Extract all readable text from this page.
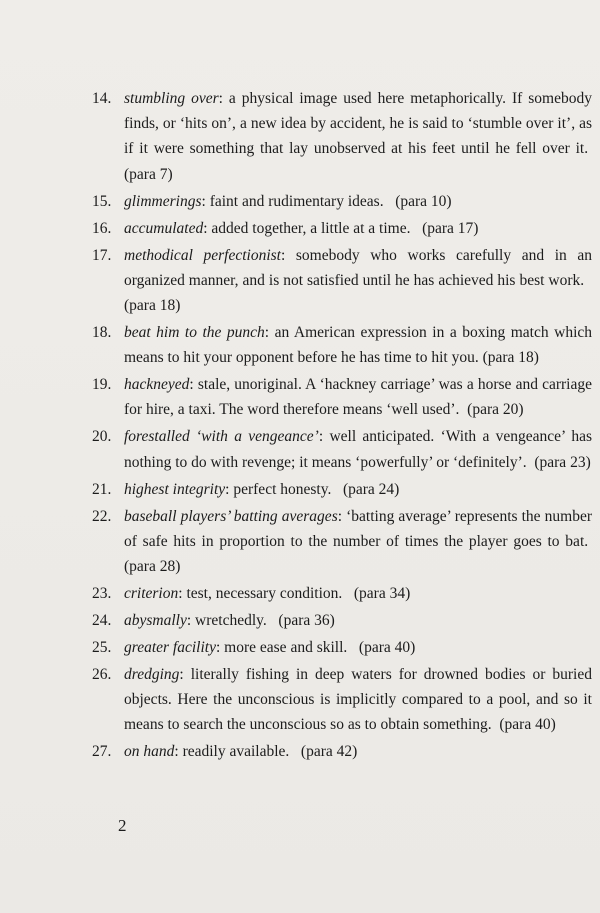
14. stumbling over: a physical image used here metaphorically. If somebody finds, or ‘hits on’, a new idea by accident, he is said to ‘stumble over it’, as if it were something that lay unobserved at his feet until he fell over it.  (para 7)
15. glimmerings: faint and rudimentary ideas. (para 10)
16. accumulated: added together, a little at a time. (para 17)
17. methodical perfectionist: somebody who works carefully and in an organized manner, and is not satisfied until he has achieved his best work.   (para 18)
18. beat him to the punch: an American expression in a boxing match which means to hit your opponent before he has time to hit you. (para 18)
19. hackneyed: stale, unoriginal. A ‘hackney carriage’ was a horse and carriage for hire, a taxi. The word therefore means ‘well used’. (para 20)
20. forestalled ‘with a vengeance’: well anticipated. ‘With a vengeance’ has nothing to do with revenge; it means ‘powerfully’ or ‘definitely’. (para 23)
21. highest integrity: perfect honesty. (para 24)
22. baseball players’ batting averages: ‘batting average’ represents the number of safe hits in proportion to the number of times the player goes to bat.  (para 28)
23. criterion: test, necessary condition. (para 34)
24. abysmally: wretchedly. (para 36)
25. greater facility: more ease and skill. (para 40)
26. dredging: literally fishing in deep waters for drowned bodies or buried objects. Here the unconscious is implicitly compared to a pool, and so it means to search the unconscious so as to obtain something. (para 40)
27. on hand: readily available. (para 42)
2
